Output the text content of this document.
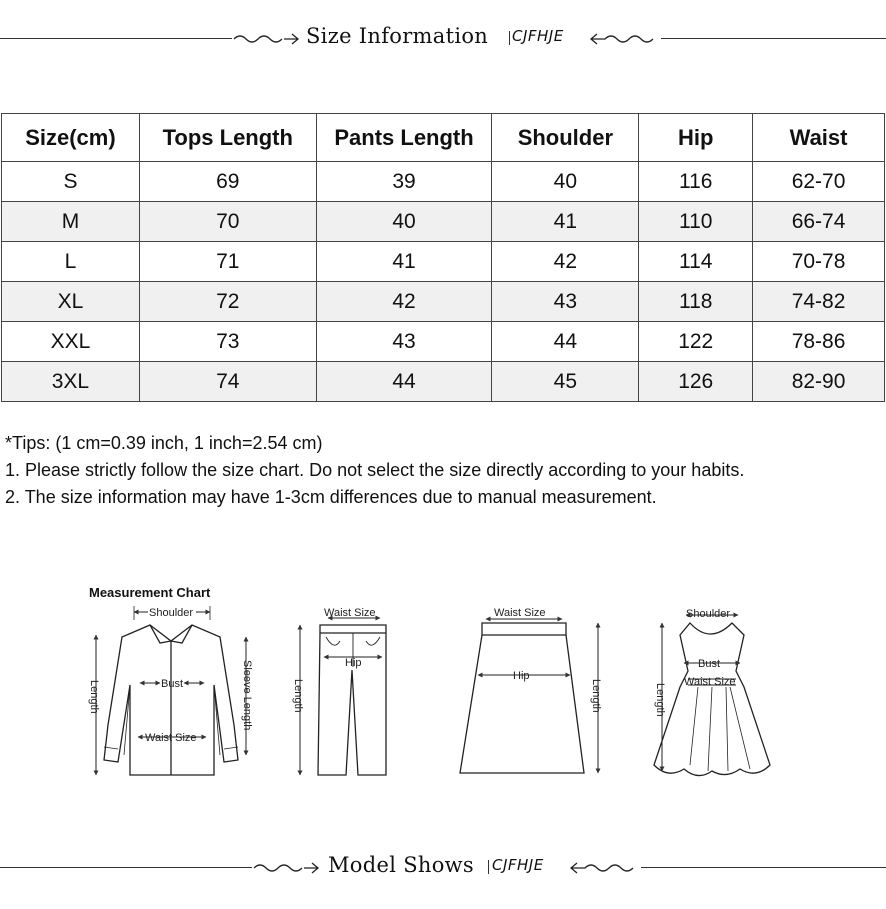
Size Information CJFHJE
Size(cm)	Tops Length	Pants Length	Shoulder	Hip	Waist
S	69	39	40	116	62-70
M	70	40	41	110	66-74
L	71	41	42	114	70-78
XL	72	42	43	118	74-82
XXL	73	43	44	122	78-86
3XL	74	44	45	126	82-90
*Tips: (1 cm=0.39 inch, 1 inch=2.54 cm)
1. Please strictly follow the size chart. Do not select the size directly according to your habits.
2. The size information may have 1-3cm differences due to manual measurement.
Measurement Chart
Shoulder
Bust
Waist Size
Length	Sleeve Length
Waist Size
Hip
Length
Waist Size
Hip
Length
Shoulder
Bust
Waist Size
Length
Model Shows CJFHJE
